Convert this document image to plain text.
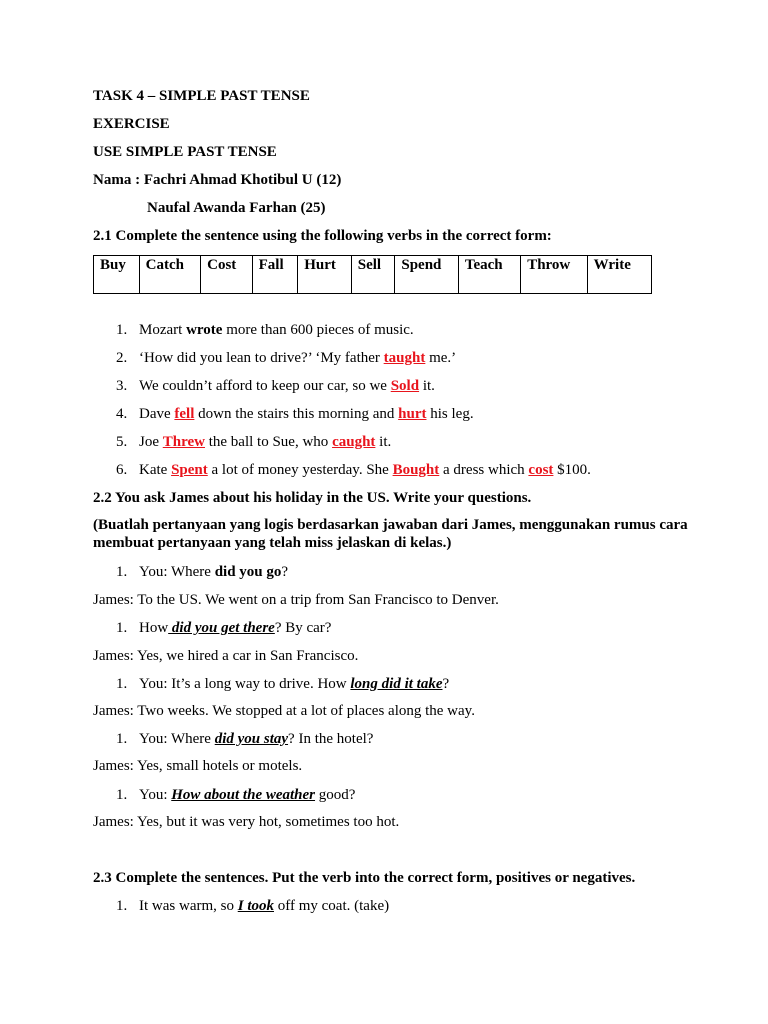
TASK 4 – SIMPLE PAST TENSE
EXERCISE
USE SIMPLE PAST TENSE
Nama : Fachri Ahmad Khotibul U (12)
Naufal Awanda Farhan (25)
2.1 Complete the sentence using the following verbs in the correct form:
Buy	Catch	Cost	Fall	Hurt	Sell	Spend	Teach	Throw	Write
1. Mozart wrote more than 600 pieces of music.
2. ‘How did you lean to drive?’ ‘My father taught me.’
3. We couldn’t afford to keep our car, so we Sold it.
4. Dave fell down the stairs this morning and hurt his leg.
5. Joe Threw the ball to Sue, who caught it.
6. Kate Spent a lot of money yesterday. She Bought a dress which cost $100.
2.2 You ask James about his holiday in the US. Write your questions.
(Buatlah pertanyaan yang logis berdasarkan jawaban dari James, menggunakan rumus cara membuat pertanyaan yang telah miss jelaskan di kelas.)
1. You: Where did you go?
James: To the US. We went on a trip from San Francisco to Denver.
1. How did you get there? By car?
James: Yes, we hired a car in San Francisco.
1. You: It’s a long way to drive. How long did it take?
James: Two weeks. We stopped at a lot of places along the way.
1. You: Where did you stay? In the hotel?
James: Yes, small hotels or motels.
1. You: How about the weather good?
James: Yes, but it was very hot, sometimes too hot.
2.3 Complete the sentences. Put the verb into the correct form, positives or negatives.
1. It was warm, so I took off my coat. (take)
